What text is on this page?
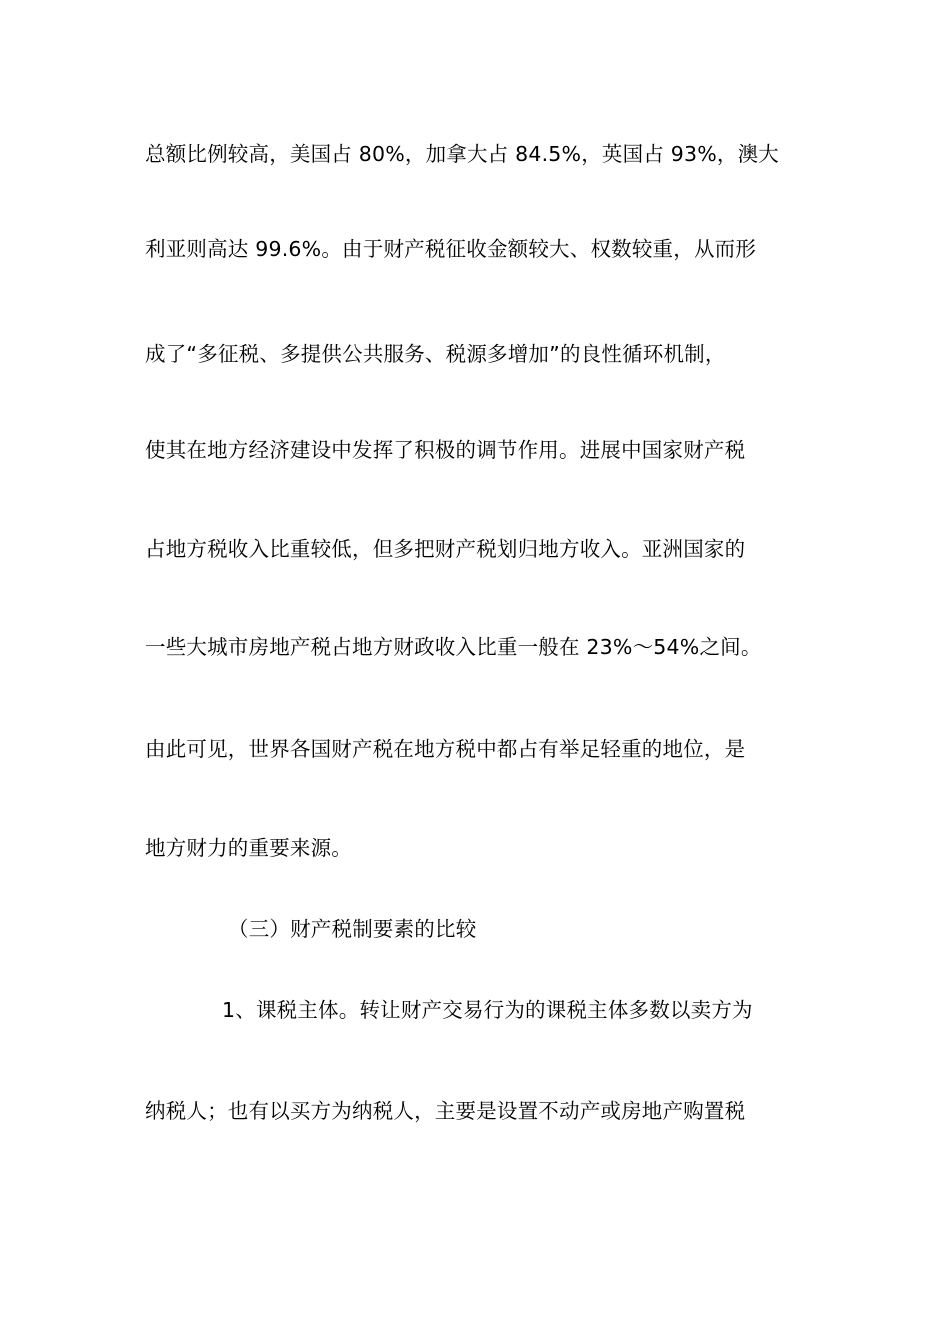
总额比例较高，美国占 80%，加拿大占 84.5%，英国占 93%，澳大
利亚则高达 99.6%。由于财产税征收金额较大、权数较重，从而形
成了“多征税、多提供公共服务、税源多增加”的良性循环机制，
使其在地方经济建设中发挥了积极的调节作用。进展中国家财产税
占地方税收入比重较低，但多把财产税划归地方收入。亚洲国家的
一些大城市房地产税占地方财政收入比重一般在 23%～54%之间。
由此可见，世界各国财产税在地方税中都占有举足轻重的地位，是
地方财力的重要来源。
（三）财产税制要素的比较
1、课税主体。转让财产交易行为的课税主体多数以卖方为
纳税人；也有以买方为纳税人，主要是设置不动产或房地产购置税
